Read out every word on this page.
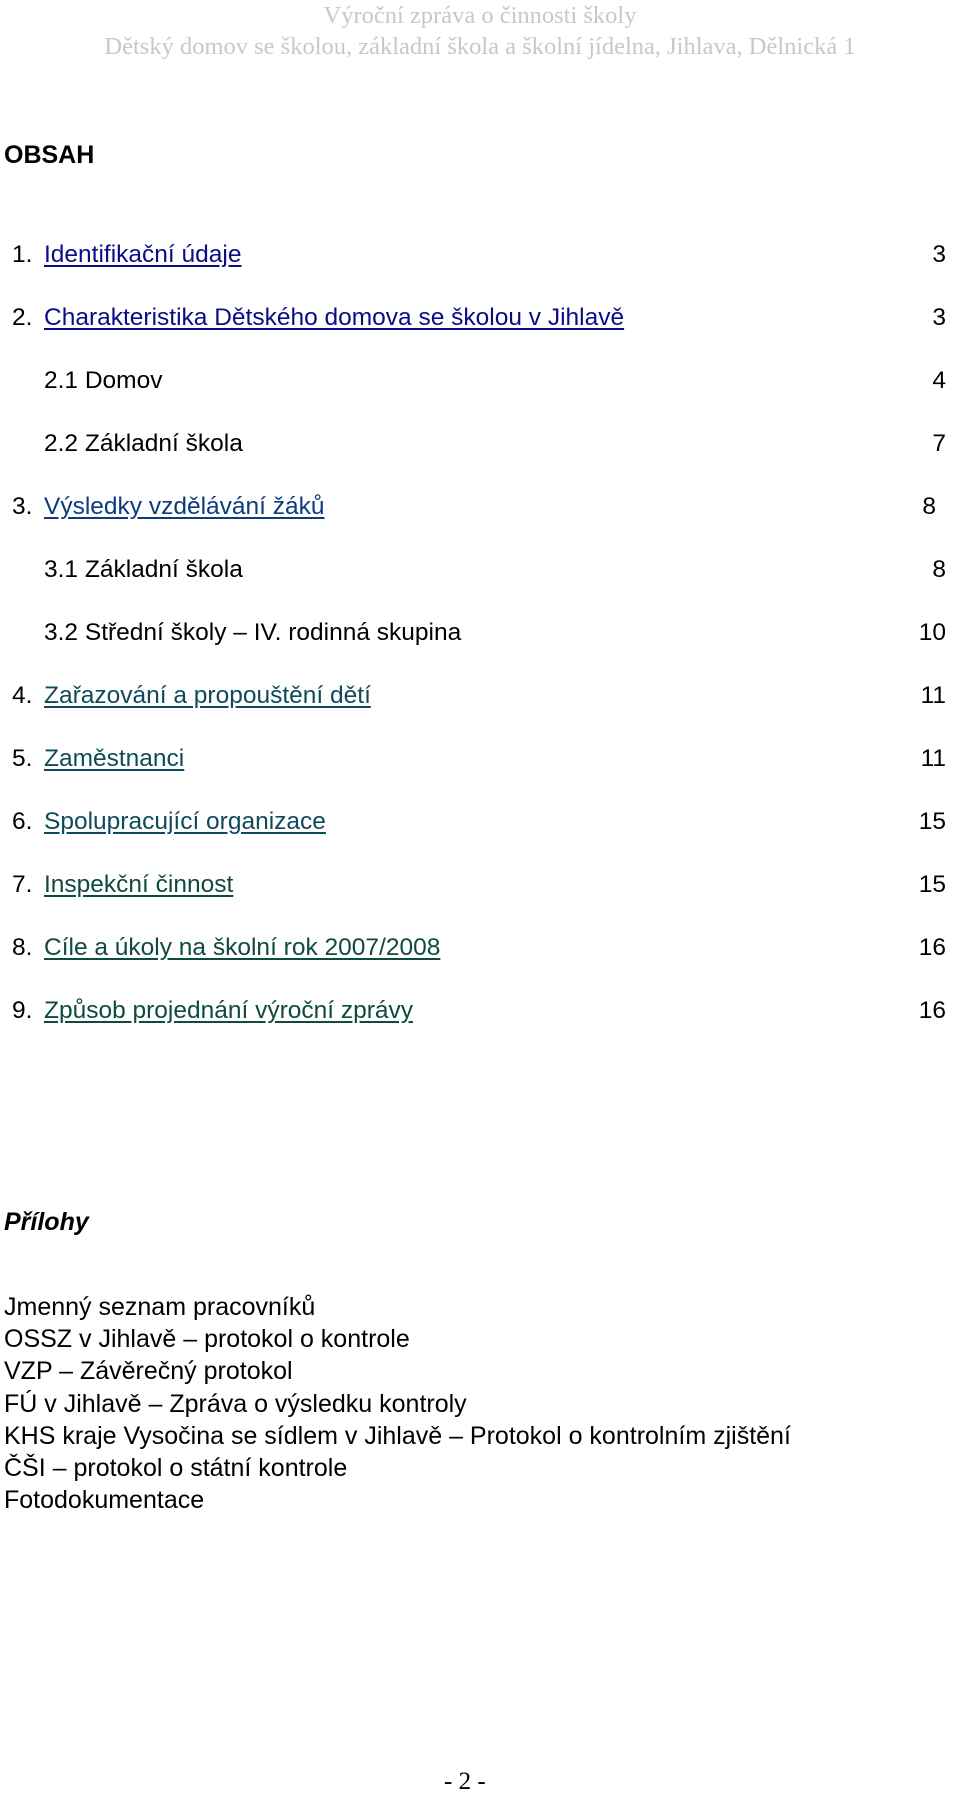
Výroční zpráva o činnosti školy
Dětský domov se školou, základní škola a školní jídelna, Jihlava, Dělnická 1
OBSAH
1. Identifikační údaje	3
2. Charakteristika Dětského domova se školou v Jihlavě	3
2.1 Domov	4
2.2 Základní škola	7
3. Výsledky vzdělávání žáků	8
3.1 Základní škola	8
3.2 Střední školy – IV. rodinná skupina	10
4. Zařazování a propouštění dětí	11
5. Zaměstnanci	11
6. Spolupracující organizace	15
7. Inspekční činnost	15
8. Cíle a úkoly na školní rok 2007/2008	16
9. Způsob projednání výroční zprávy	16
Přílohy
Jmenný seznam pracovníků
OSSZ v Jihlavě – protokol o kontrole
VZP – Závěrečný protokol
FÚ v Jihlavě – Zpráva o výsledku kontroly
KHS kraje Vysočina se sídlem v Jihlavě – Protokol o kontrolním zjištění
ČŠI – protokol o státní kontrole
Fotodokumentace
- 2 -
